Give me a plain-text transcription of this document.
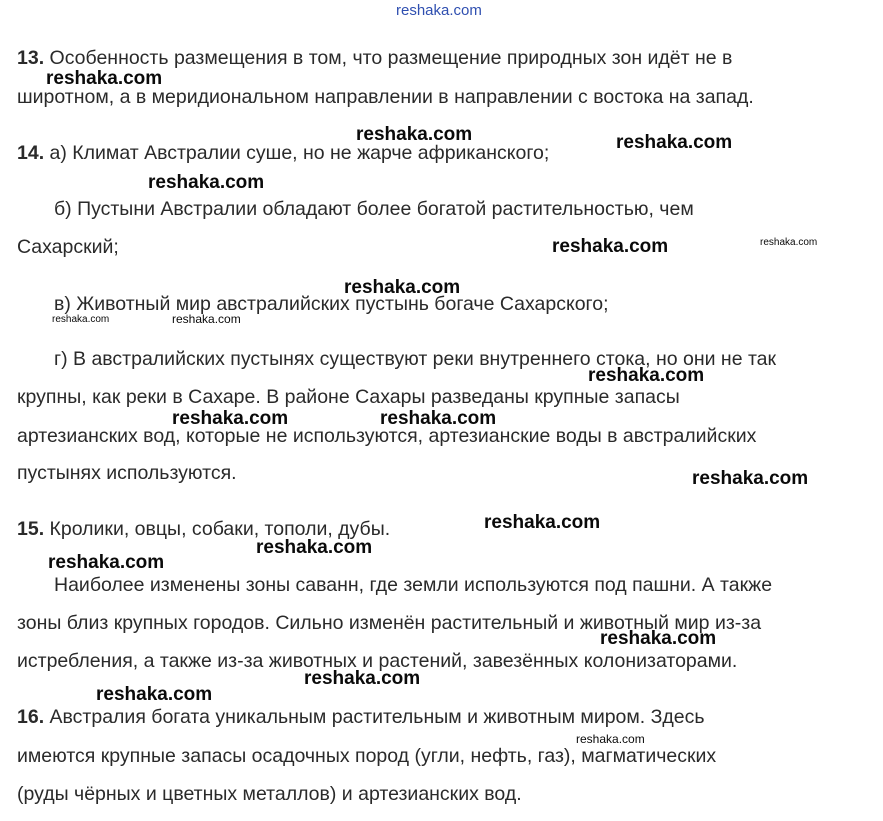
reshaka.com
13. Особенность размещения в том, что размещение природных зон идёт не в
широтном, а в меридиональном направлении в направлении с востока на запад.
14. а) Климат Австралии суше, но не жарче африканского;
б) Пустыни Австралии обладают более богатой растительностью, чем
Сахарский;
в) Животный мир австралийских пустынь богаче Сахарского;
г) В австралийских пустынях существуют реки внутреннего стока, но они не так
крупны, как реки в Сахаре. В районе Сахары разведаны крупные запасы
артезианских вод, которые не используются, артезианские воды в австралийских
пустынях используются.
15. Кролики, овцы, собаки, тополи, дубы.
Наиболее изменены зоны саванн, где земли используются под пашни. А также
зоны близ крупных городов. Сильно изменён растительный и животный мир из-за
истребления, а также из-за животных и растений, завезённых колонизаторами.
16. Австралия богата уникальным растительным и животным миром. Здесь
имеются крупные запасы осадочных пород (угли, нефть, газ), магматических
(руды чёрных и цветных металлов) и артезианских вод.
reshaka.com
reshaka.com	reshaka.com
reshaka.com
reshaka.com	reshaka.com
reshaka.com
reshaka.com	reshaka.com
reshaka.com
reshaka.com	reshaka.com
reshaka.com
reshaka.com
reshaka.com
reshaka.com
reshaka.com
reshaka.com
reshaka.com
reshaka.com
